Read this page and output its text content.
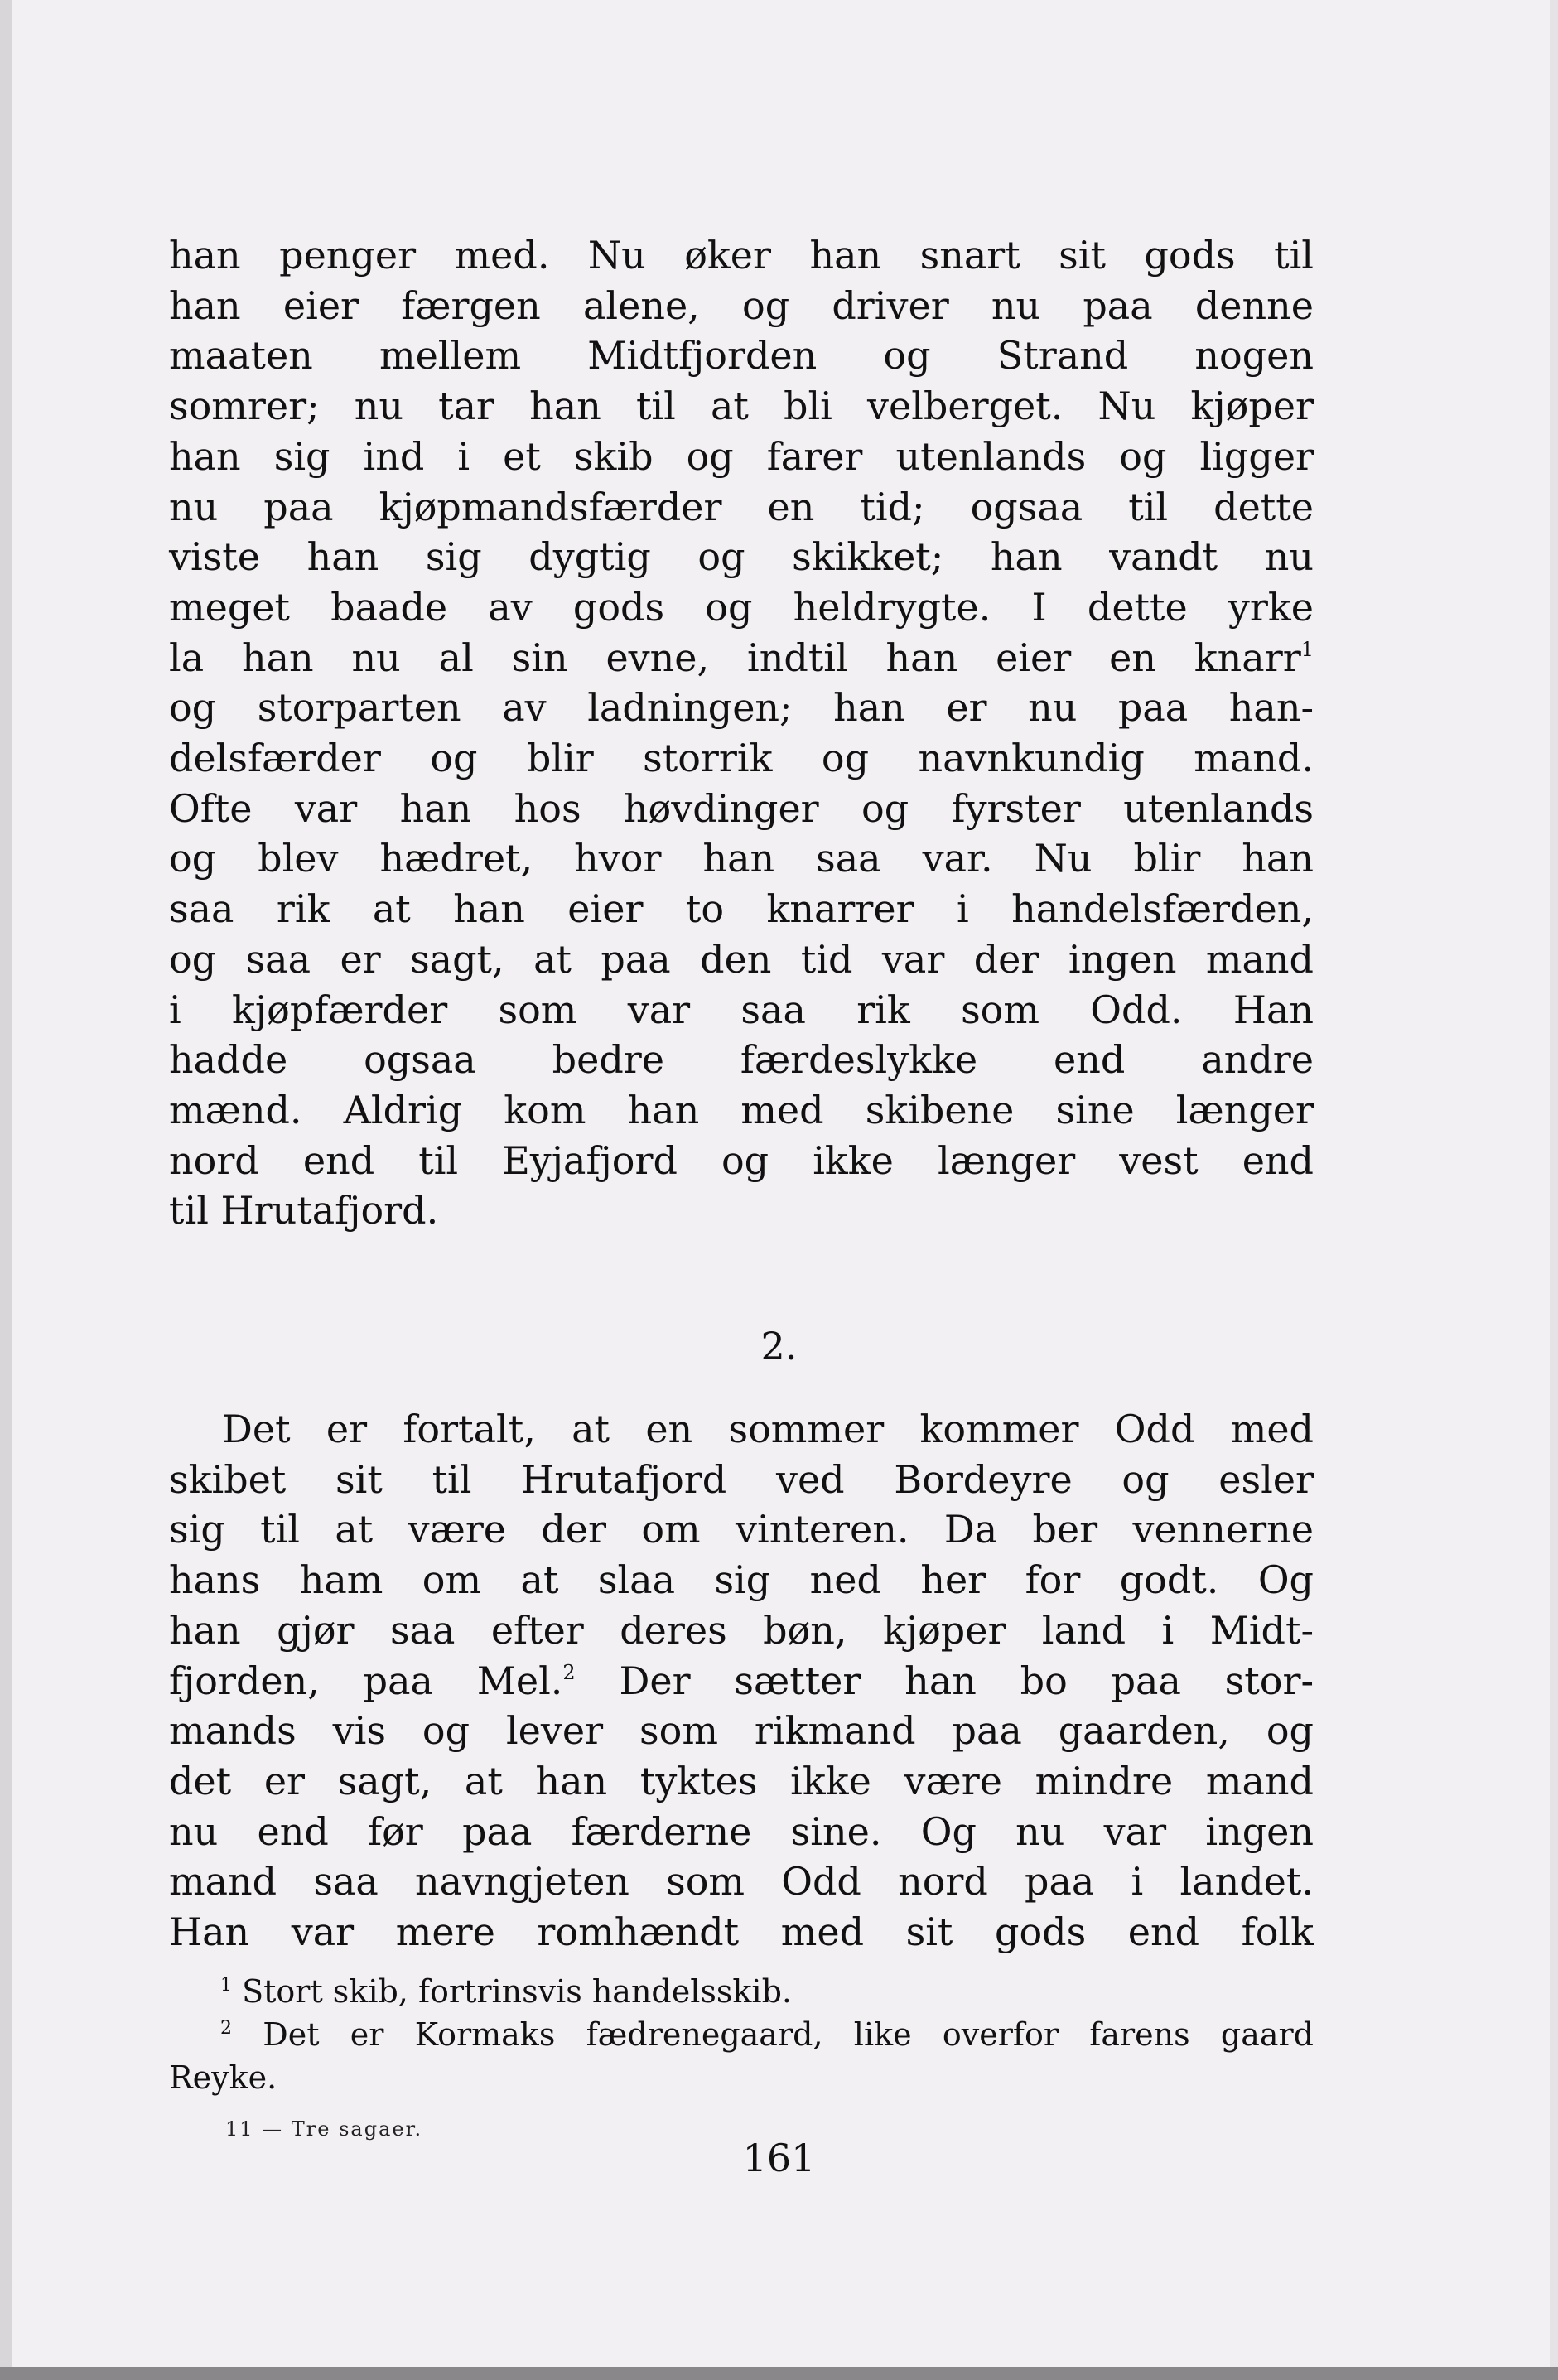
han penger med. Nu øker han snart sit gods til
han eier færgen alene, og driver nu paa denne
maaten mellem Midtfjorden og Strand nogen
somrer; nu tar han til at bli velberget. Nu kjøper
han sig ind i et skib og farer utenlands og ligger
nu paa kjøpmandsfærder en tid; ogsaa til dette
viste han sig dygtig og skikket; han vandt nu
meget baade av gods og heldrygte. I dette yrke
la han nu al sin evne, indtil han eier en knarr$^1$
og storparten av ladningen; han er nu paa han-
delsfærder og blir storrik og navnkundig mand.
Ofte var han hos høvdinger og fyrster utenlands
og blev hædret, hvor han saa var. Nu blir han
saa rik at han eier to knarrer i handelsfærden,
og saa er sagt, at paa den tid var der ingen mand
i kjøpfærder som var saa rik som Odd. Han
hadde ogsaa bedre færdeslykke end andre
mænd. Aldrig kom han med skibene sine længer
nord end til Eyjafjord og ikke længer vest end
til Hrutafjord.
2.
Det er fortalt, at en sommer kommer Odd med
skibet sit til Hrutafjord ved Bordeyre og esler
sig til at være der om vinteren. Da ber vennerne
hans ham om at slaa sig ned her for godt. Og
han gjør saa efter deres bøn, kjøper land i Midt-
fjorden, paa Mel.$^2$ Der sætter han bo paa stor-
mands vis og lever som rikmand paa gaarden, og
det er sagt, at han tyktes ikke være mindre mand
nu end før paa færderne sine. Og nu var ingen
mand saa navngjeten som Odd nord paa i landet.
Han var mere romhændt med sit gods end folk
$^1$ Stort skib, fortrinsvis handelsskib.
$^2$ Det er Kormaks fædrenegaard, like overfor farens gaard
Reyke.
11 — Tre sagaer.
161
